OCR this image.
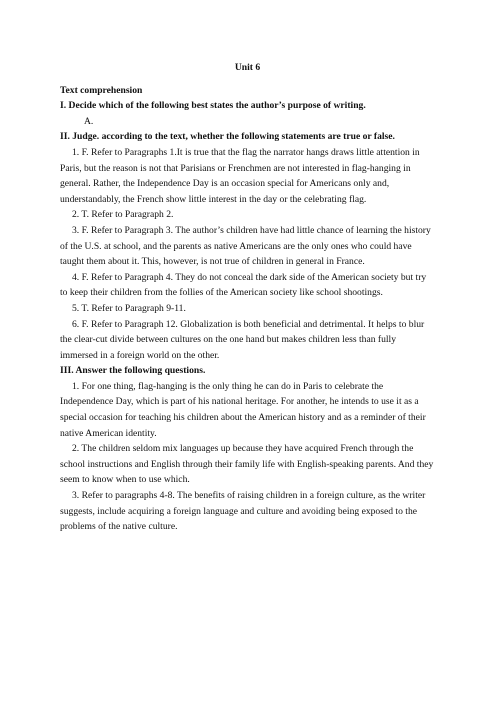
Unit 6

Text comprehension

I. Decide which of the following best states the author’s purpose of writing.

A.

II. Judge. according to the text, whether the following statements are true or false.

1. F. Refer to Paragraphs 1.It is true that the flag the narrator hangs draws little attention in Paris, but the reason is not that Parisians or Frenchmen are not interested in flag-hanging in general. Rather, the Independence Day is an occasion special for Americans only and, understandably, the French show little interest in the day or the celebrating flag.

2. T. Refer to Paragraph 2.

3. F. Refer to Paragraph 3. The author’s children have had little chance of learning the history of the U.S. at school, and the parents as native Americans are the only ones who could have taught them about it. This, however, is not true of children in general in France.

4. F. Refer to Paragraph 4. They do not conceal the dark side of the American society but try to keep their children from the follies of the American society like school shootings.

5. T. Refer to Paragraph 9-11.

6. F. Refer to Paragraph 12. Globalization is both beneficial and detrimental. It helps to blur the clear-cut divide between cultures on the one hand but makes children less than fully immersed in a foreign world on the other.

III. Answer the following questions.

1. For one thing, flag-hanging is the only thing he can do in Paris to celebrate the Independence Day, which is part of his national heritage. For another, he intends to use it as a special occasion for teaching his children about the American history and as a reminder of their native American identity.

2. The children seldom mix languages up because they have acquired French through the school instructions and English through their family life with English-speaking parents. And they seem to know when to use which.

3. Refer to paragraphs 4-8. The benefits of raising children in a foreign culture, as the writer suggests, include acquiring a foreign language and culture and avoiding being exposed to the problems of the native culture.
